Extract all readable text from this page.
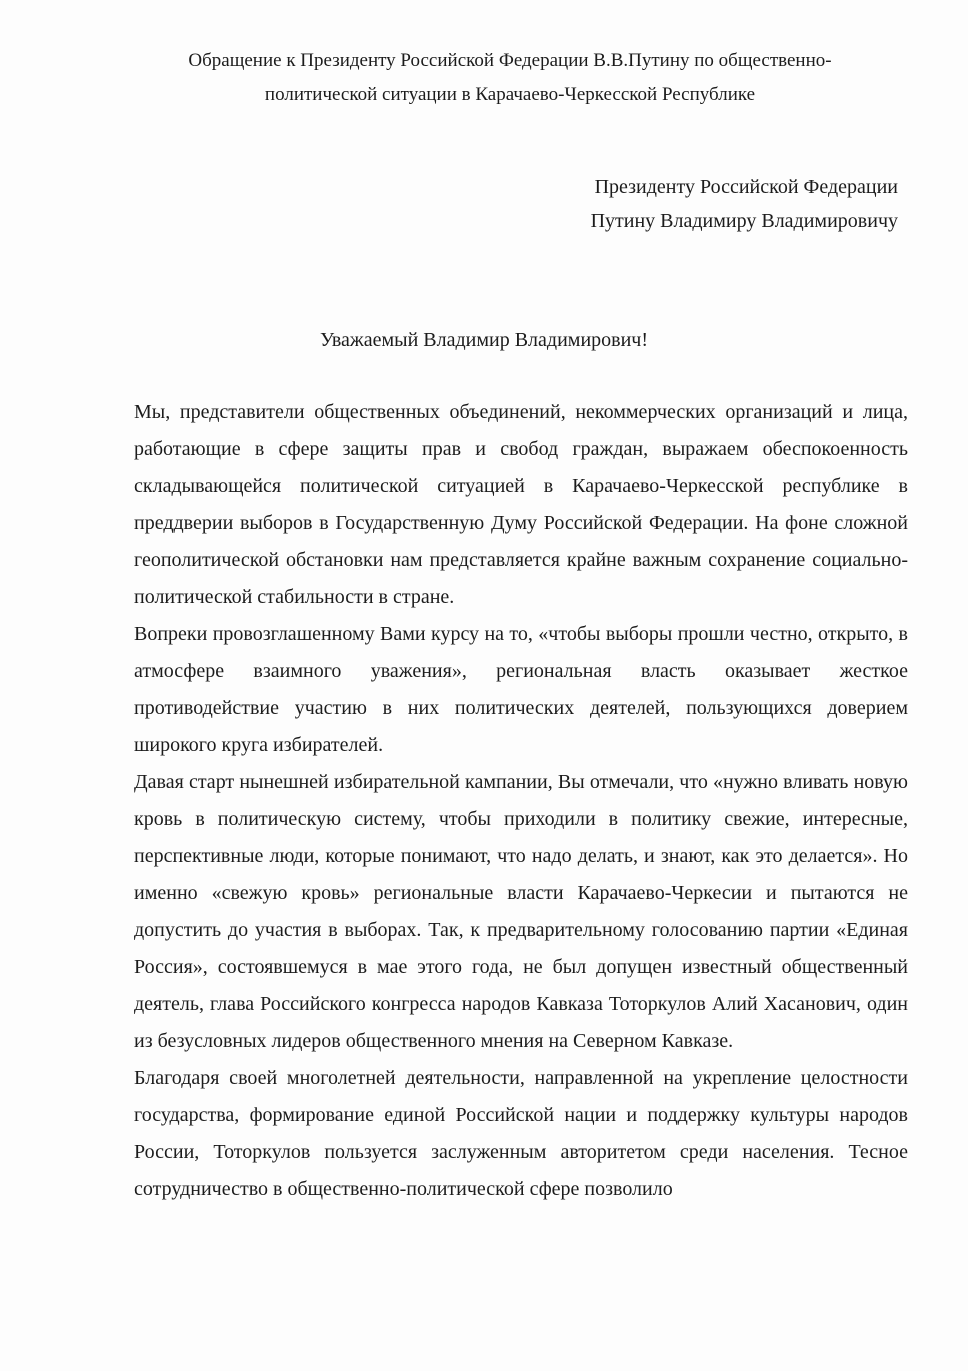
Обращение к Президенту Российской Федерации В.В.Путину по общественно-
политической ситуации в Карачаево-Черкесской Республике
Президенту Российской Федерации
Путину Владимиру Владимировичу
Уважаемый Владимир Владимирович!

Мы, представители общественных объединений, некоммерческих организаций и лица, работающие в сфере защиты прав и свобод граждан, выражаем обеспокоенность складывающейся политической ситуацией в Карачаево-Черкесской республике в преддверии выборов в Государственную Думу Российской Федерации. На фоне сложной геополитической обстановки нам представляется крайне важным сохранение социально-политической стабильности в стране.

Вопреки провозглашенному Вами курсу на то, «чтобы выборы прошли честно, открыто, в атмосфере взаимного уважения», региональная власть оказывает жесткое противодействие участию в них политических деятелей, пользующихся доверием широкого круга избирателей.

Давая старт нынешней избирательной кампании, Вы отмечали, что «нужно вливать новую кровь в политическую систему, чтобы приходили в политику свежие, интересные, перспективные люди, которые понимают, что надо делать, и знают, как это делается». Но именно «свежую кровь» региональные власти Карачаево-Черкесии и пытаются не допустить до участия в выборах. Так, к предварительному голосованию партии «Единая Россия», состоявшемуся в мае этого года, не был допущен известный общественный деятель, глава Российского конгресса народов Кавказа Тоторкулов Алий Хасанович, один из безусловных лидеров общественного мнения на Северном Кавказе.

Благодаря своей многолетней деятельности, направленной на укрепление целостности государства, формирование единой Российской нации и поддержку культуры народов России, Тоторкулов пользуется заслуженным авторитетом среди населения. Тесное сотрудничество в общественно-политической сфере позволило
